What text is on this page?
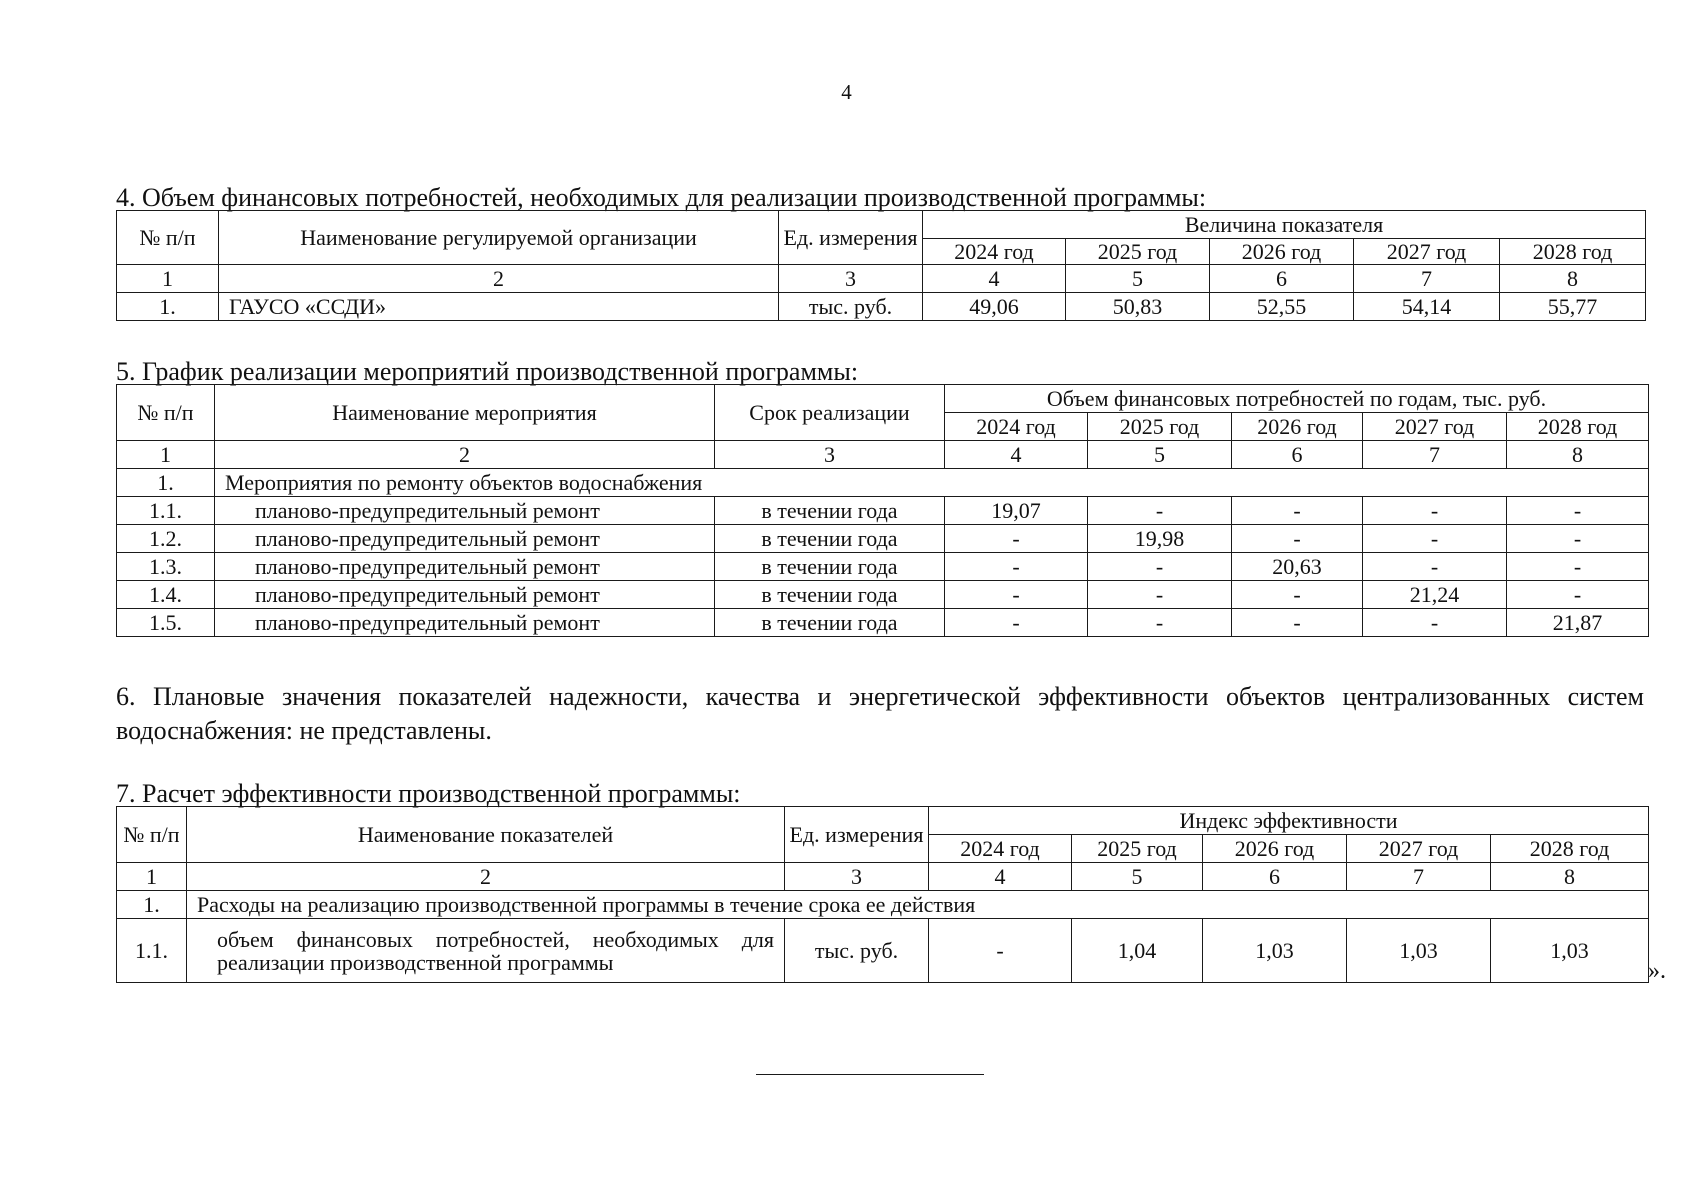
4
4. Объем финансовых потребностей, необходимых для реализации производственной программы:
№ п/п	Наименование регулируемой организации	Ед. измерения	Величина показателя				
			2024 год	2025 год	2026 год	2027 год	2028 год
1	2	3	4	5	6	7	8
1.	ГАУСО «ССДИ»	тыс. руб.	49,06	50,83	52,55	54,14	55,77
5. График реализации мероприятий производственной программы:
№ п/п	Наименование мероприятия	Срок реализации	Объем финансовых потребностей по годам, тыс. руб.				
			2024 год	2025 год	2026 год	2027 год	2028 год
1	2	3	4	5	6	7	8
1.	Мероприятия по ремонту объектов водоснабжения						
1.1.	планово-предупредительный ремонт	в течении года	19,07	-	-	-	-
1.2.	планово-предупредительный ремонт	в течении года	-	19,98	-	-	-
1.3.	планово-предупредительный ремонт	в течении года	-	-	20,63	-	-
1.4.	планово-предупредительный ремонт	в течении года	-	-	-	21,24	-
1.5.	планово-предупредительный ремонт	в течении года	-	-	-	-	21,87
6. Плановые значения показателей надежности, качества и энергетической эффективности объектов централизованных систем водоснабжения: не представлены.
7. Расчет эффективности производственной программы:
№ п/п	Наименование показателей	Ед. измерения	Индекс эффективности				
			2024 год	2025 год	2026 год	2027 год	2028 год
1	2	3	4	5	6	7	8
1.	Расходы на реализацию производственной программы в течение срока ее действия						
1.1.	объем финансовых потребностей, необходимых для реализации производственной программы	тыс. руб.	-	1,04	1,03	1,03	1,03
».
